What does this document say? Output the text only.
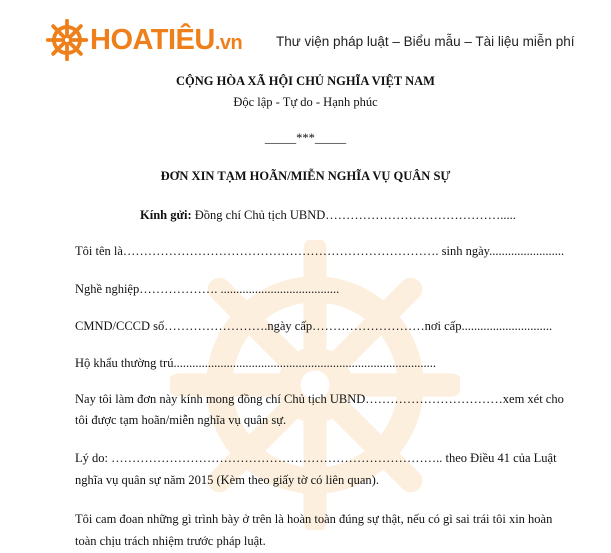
HOATIÊU.vn Thư viện pháp luật – Biểu mẫu – Tài liệu miễn phí
CỘNG HÒA XÃ HỘI CHỦ NGHĨA VIỆT NAM
Độc lập - Tự do - Hạnh phúc
_____***_____
ĐƠN XIN TẠM HOÃN/MIỄN NGHĨA VỤ QUÂN SỰ
Kính gửi: Đồng chí Chủ tịch UBND…………………………………….....
Tôi tên là…………………………………………………………………. sinh ngày........................
Nghề nghiệp………………. ......................................
CMND/CCCD số…………………….ngày cấp………………………nơi cấp.............................
Hộ khẩu thường trú....................................................................................
Nay tôi làm đơn này kính mong đồng chí Chủ tịch UBND……………………………xem xét cho
tôi được tạm hoãn/miễn nghĩa vụ quân sự.
Lý do: …………………………………………………………………….. theo Điều 41 của Luật
nghĩa vụ quân sự năm 2015 (Kèm theo giấy tờ có liên quan).
Tôi cam đoan những gì trình bày ở trên là hoàn toàn đúng sự thật, nếu có gì sai trái tôi xin hoàn
toàn chịu trách nhiệm trước pháp luật.
